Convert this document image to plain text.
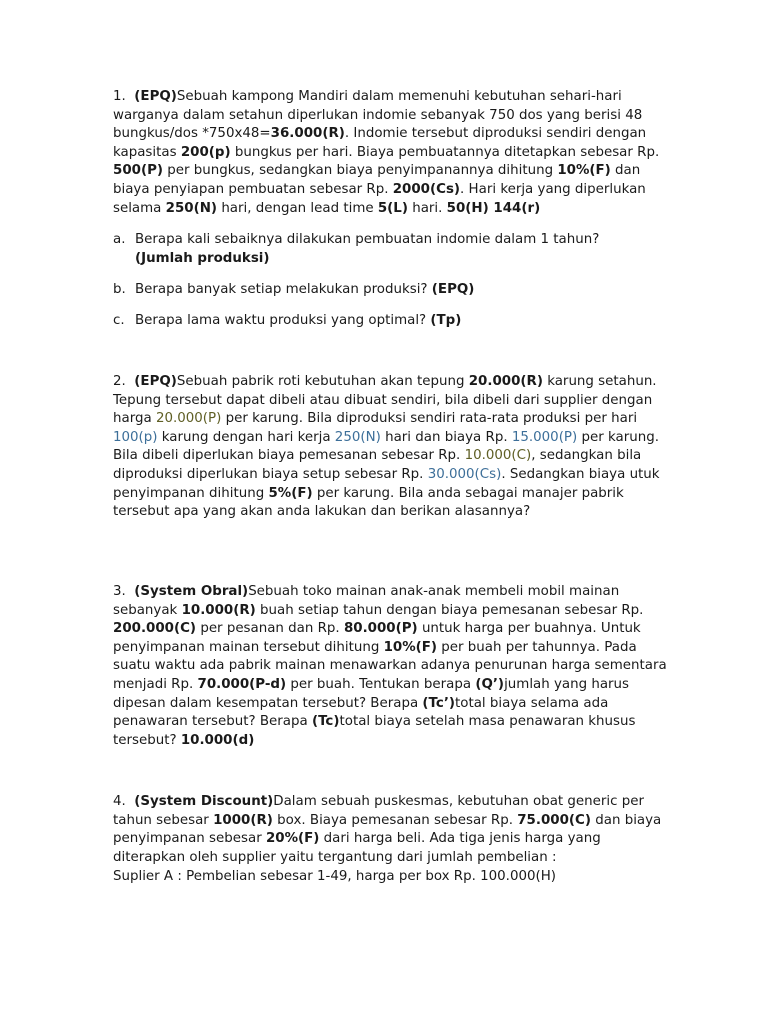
1. (EPQ)Sebuah kampong Mandiri dalam memenuhi kebutuhan sehari-hari warganya dalam setahun diperlukan indomie sebanyak 750 dos yang berisi 48 bungkus/dos *750x48=36.000(R). Indomie tersebut diproduksi sendiri dengan kapasitas 200(p) bungkus per hari. Biaya pembuatannya ditetapkan sebesar Rp. 500(P) per bungkus, sedangkan biaya penyimpanannya dihitung 10%(F) dan biaya penyiapan pembuatan sebesar Rp. 2000(Cs). Hari kerja yang diperlukan selama 250(N) hari, dengan lead time 5(L) hari. 50(H) 144(r)

a. Berapa kali sebaiknya dilakukan pembuatan indomie dalam 1 tahun?
(Jumlah produksi)
b. Berapa banyak setiap melakukan produksi? (EPQ)
c. Berapa lama waktu produksi yang optimal? (Tp)

2. (EPQ)Sebuah pabrik roti kebutuhan akan tepung 20.000(R) karung setahun. Tepung tersebut dapat dibeli atau dibuat sendiri, bila dibeli dari supplier dengan harga 20.000(P) per karung. Bila diproduksi sendiri rata-rata produksi per hari 100(p) karung dengan hari kerja 250(N) hari dan biaya Rp. 15.000(P) per karung. Bila dibeli diperlukan biaya pemesanan sebesar Rp. 10.000(C), sedangkan bila diproduksi diperlukan biaya setup sebesar Rp. 30.000(Cs). Sedangkan biaya utuk penyimpanan dihitung 5%(F) per karung. Bila anda sebagai manajer pabrik tersebut apa yang akan anda lakukan dan berikan alasannya?

3. (System Obral)Sebuah toko mainan anak-anak membeli mobil mainan sebanyak 10.000(R) buah setiap tahun dengan biaya pemesanan sebesar Rp. 200.000(C) per pesanan dan Rp. 80.000(P) untuk harga per buahnya. Untuk penyimpanan mainan tersebut dihitung 10%(F) per buah per tahunnya. Pada suatu waktu ada pabrik mainan menawarkan adanya penurunan harga sementara menjadi Rp. 70.000(P-d) per buah. Tentukan berapa (Q’)jumlah yang harus dipesan dalam kesempatan tersebut? Berapa (Tc’)total biaya selama ada penawaran tersebut? Berapa (Tc)total biaya setelah masa penawaran khusus tersebut? 10.000(d)

4. (System Discount)Dalam sebuah puskesmas, kebutuhan obat generic per tahun sebesar 1000(R) box. Biaya pemesanan sebesar Rp. 75.000(C) dan biaya penyimpanan sebesar 20%(F) dari harga beli. Ada tiga jenis harga yang diterapkan oleh supplier yaitu tergantung dari jumlah pembelian :

Suplier A : Pembelian sebesar 1-49, harga per box Rp. 100.000(H)
